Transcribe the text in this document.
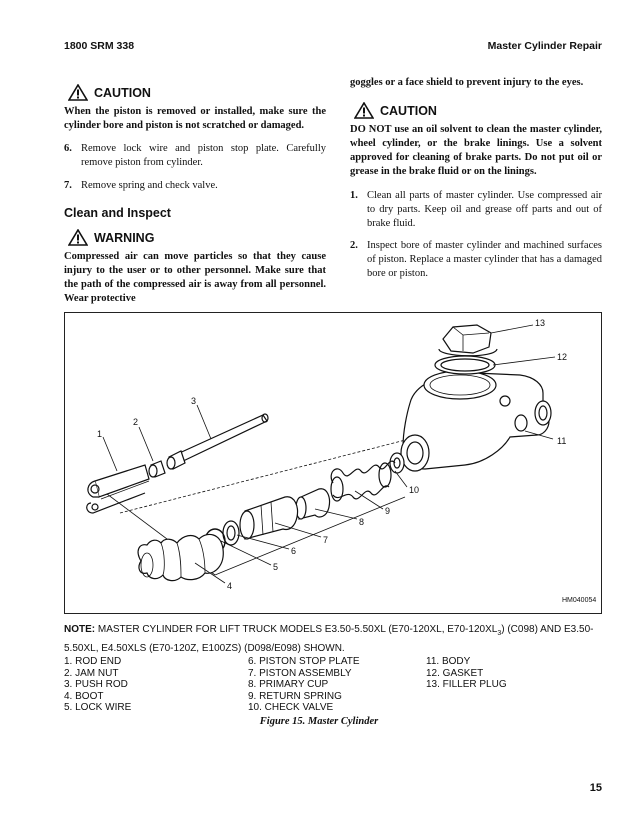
1800 SRM 338	Master Cylinder Repair
CAUTION
When the piston is removed or installed, make sure the cylinder bore and piston is not scratched or damaged.
6. Remove lock wire and piston stop plate. Carefully remove piston from cylinder.
7. Remove spring and check valve.
Clean and Inspect
WARNING
Compressed air can move particles so that they cause injury to the user or to other personnel. Make sure that the path of the compressed air is away from all personnel. Wear protective
goggles or a face shield to prevent injury to the eyes.
CAUTION
DO NOT use an oil solvent to clean the master cylinder, wheel cylinder, or the brake linings. Use a solvent approved for cleaning of brake parts. Do not put oil or grease in the brake fluid or on the linings.
1. Clean all parts of master cylinder. Use compressed air to dry parts. Keep oil and grease off parts and out of brake fluid.
2. Inspect bore of master cylinder and machined surfaces of piston. Replace a master cylinder that has a damaged bore or piston.
1
2
3
4
5
6
7
8
9
10
11
12
13
HM040054
NOTE: MASTER CYLINDER FOR LIFT TRUCK MODELS E3.50-5.50XL (E70-120XL, $E70-120XL_3$) (C098) AND E3.50-5.50XL, E4.50XLS (E70-120Z, E100ZS) (D098/E098) SHOWN.
1. ROD END
2. JAM NUT
3. PUSH ROD
4. BOOT
5. LOCK WIRE
6. PISTON STOP PLATE
7. PISTON ASSEMBLY
8. PRIMARY CUP
9. RETURN SPRING
10. CHECK VALVE
11. BODY
12. GASKET
13. FILLER PLUG
Figure 15. Master Cylinder
15
